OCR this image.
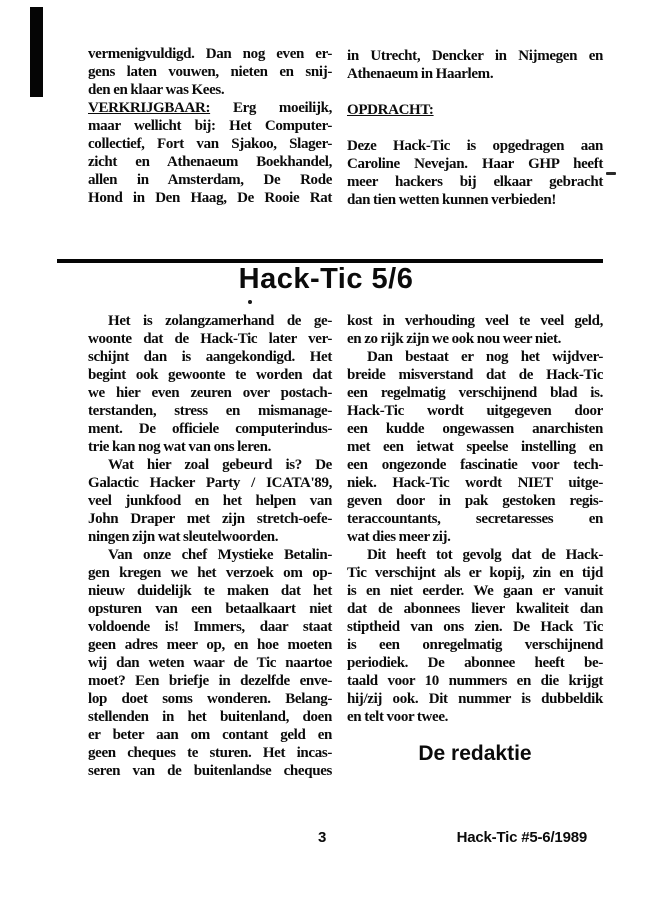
vermenigvuldigd. Dan nog even er-
gens laten vouwen, nieten en snij-
den en klaar was Kees.
VERKRIJGBAAR: Erg moeilijk,
maar wellicht bij: Het Computer-
collectief, Fort van Sjakoo, Slager-
zicht en Athenaeum Boekhandel,
allen in Amsterdam, De Rode
Hond in Den Haag, De Rooie Rat
in Utrecht, Dencker in Nijmegen en
Athenaeum in Haarlem.
OPDRACHT:
Deze Hack-Tic is opgedragen aan
Caroline Nevejan. Haar GHP heeft
meer hackers bij elkaar gebracht
dan tien wetten kunnen verbieden!
Hack-Tic 5/6
Het is zolangzamerhand de ge-
woonte dat de Hack-Tic later ver-
schijnt dan is aangekondigd. Het
begint ook gewoonte te worden dat
we hier even zeuren over postach-
terstanden, stress en mismanage-
ment. De officiele computerindus-
trie kan nog wat van ons leren.
Wat hier zoal gebeurd is? De
Galactic Hacker Party / ICATA'89,
veel junkfood en het helpen van
John Draper met zijn stretch-oefe-
ningen zijn wat sleutelwoorden.
Van onze chef Mystieke Betalin-
gen kregen we het verzoek om op-
nieuw duidelijk te maken dat het
opsturen van een betaalkaart niet
voldoende is! Immers, daar staat
geen adres meer op, en hoe moeten
wij dan weten waar de Tic naartoe
moet? Een briefje in dezelfde enve-
lop doet soms wonderen. Belang-
stellenden in het buitenland, doen
er beter aan om contant geld en
geen cheques te sturen. Het incas-
seren van de buitenlandse cheques
kost in verhouding veel te veel geld,
en zo rijk zijn we ook nou weer niet.
Dan bestaat er nog het wijdver-
breide misverstand dat de Hack-Tic
een regelmatig verschijnend blad is.
Hack-Tic wordt uitgegeven door
een kudde ongewassen anarchisten
met een ietwat speelse instelling en
een ongezonde fascinatie voor tech-
niek. Hack-Tic wordt NIET uitge-
geven door in pak gestoken regis-
teraccountants, secretaresses en
wat dies meer zij.
Dit heeft tot gevolg dat de Hack-
Tic verschijnt als er kopij, zin en tijd
is en niet eerder. We gaan er vanuit
dat de abonnees liever kwaliteit dan
stiptheid van ons zien. De Hack Tic
is een onregelmatig verschijnend
periodiek. De abonnee heeft be-
taald voor 10 nummers en die krijgt
hij/zij ook. Dit nummer is dubbeldik
en telt voor twee.
De redaktie
3	Hack-Tic #5-6/1989
